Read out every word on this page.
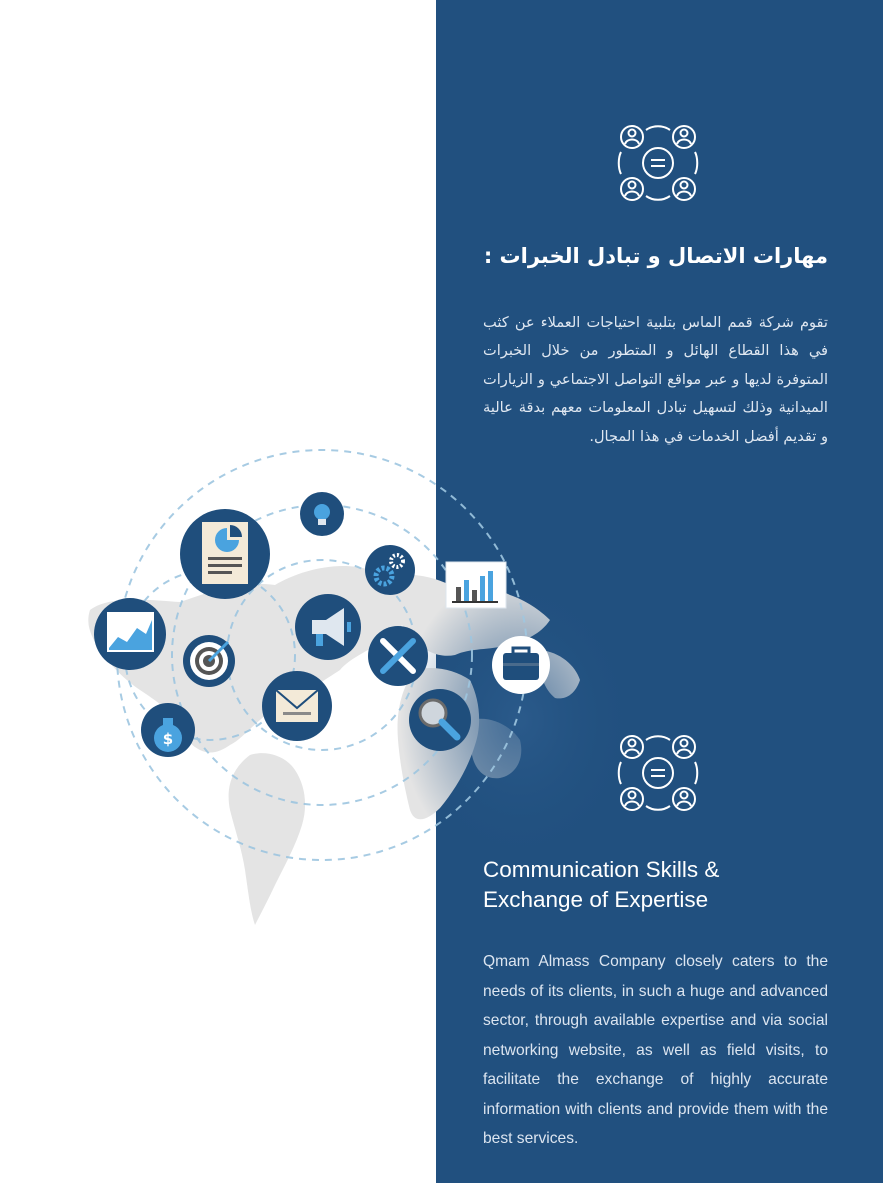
$
مهارات الاتصال و تبادل الخبرات :
تقوم شركة قمم الماس بتلبية احتياجات العملاء عن كثب في هذا القطاع الهائل و المتطور من خلال الخبرات المتوفرة لديها و عبر مواقع التواصل الاجتماعي و الزيارات الميدانية وذلك لتسهيل تبادل المعلومات معهم بدقة عالية و تقديم أفضل الخدمات في هذا المجال.
Communication Skills &
Exchange of Expertise
Qmam Almass Company closely caters to the needs of its clients, in such a huge and advanced sector, through available expertise and via social networking website, as well as field visits, to facilitate the exchange of highly accurate information with clients and provide them with the best services.
